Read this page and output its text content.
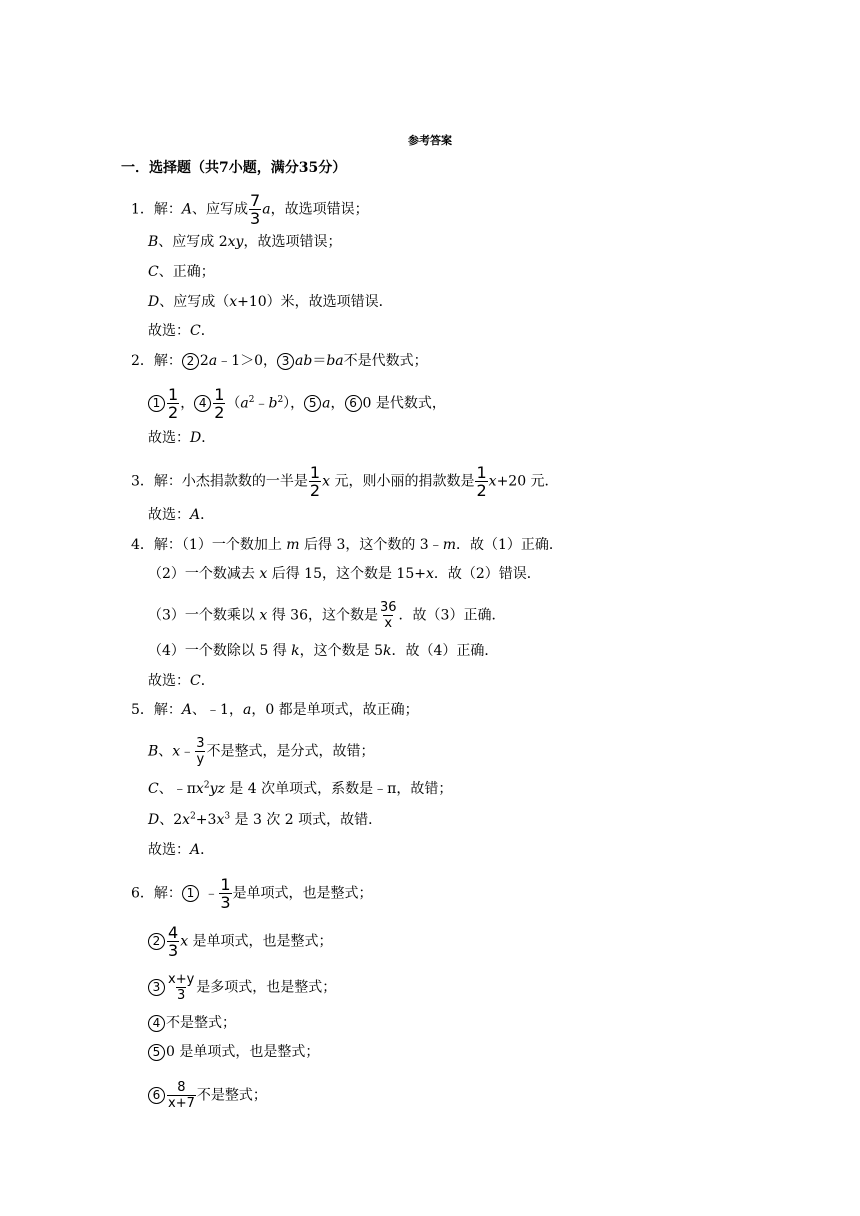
参考答案
一．选择题（共7小题，满分35分）
1．解：A、应写成 $\frac{7}{3}$ a，故选项错误；
B、应写成 2xy，故选项错误；
C、正确；
D、应写成（x+10）米，故选项错误．
故选：C．
2．解： 2 2a﹣1＞0， 3 ab＝ba不是代数式；
$1 \frac{1}{2}$ ， $4 \frac{1}{2}$ $(a^2﹣b^2)$， 5 a， 6 0 是代数式，
故选：D．
3．解：小杰捐款数的一半是 $\frac{1}{2}$ x 元，则小丽的捐款数是 $\frac{1}{2} x+20$ 元．
故选：A．
4．解：（1）一个数加上 m 后得 3，这个数的 3﹣m．故（1）正确．
（2）一个数减去 x 后得 15，这个数是 15+x．故（2）错误．
（3）一个数乘以 x 得 36，这个数是 $\frac{36}{x}$ ．故（3）正确．
（4）一个数除以 5 得 k，这个数是 5k．故（4）正确．
故选：C．
5．解：A、﹣1，a，0 都是单项式，故正确；
B、x﹣ $\frac{3}{y}$ 不是整式，是分式，故错；
C、$﹣\pi x^2yz$ 是 4 次单项式，系数是﹣π，故错；
D、$2x^2+3x^3$ 是 3 次 2 项式，故错．
故选：A．
6．解： 1 ﹣ $\frac{1}{3}$ 是单项式，也是整式；
$2 \frac{4}{3}$ x 是单项式，也是整式；
$3 \frac{x+y}{3}$ 是多项式，也是整式；
4 不是整式；
5 0 是单项式，也是整式；
$6 \frac{8}{x+7}$ 不是整式；
